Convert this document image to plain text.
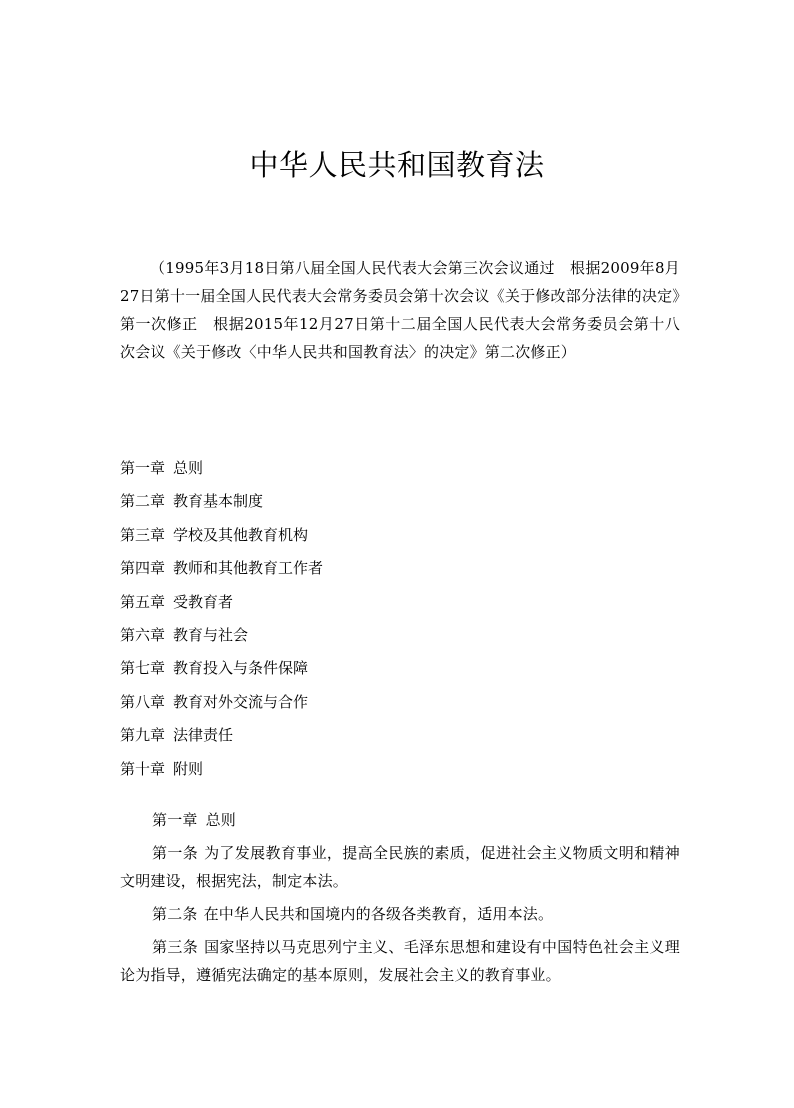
中华人民共和国教育法
（1995年3月18日第八届全国人民代表大会第三次会议通过　根据2009年8月27日第十一届全国人民代表大会常务委员会第十次会议《关于修改部分法律的决定》第一次修正　根据2015年12月27日第十二届全国人民代表大会常务委员会第十八次会议《关于修改〈中华人民共和国教育法〉的决定》第二次修正）
第一章 总则
第二章 教育基本制度
第三章 学校及其他教育机构
第四章 教师和其他教育工作者
第五章 受教育者
第六章 教育与社会
第七章 教育投入与条件保障
第八章 教育对外交流与合作
第九章 法律责任
第十章 附则

第一章 总则

第一条 为了发展教育事业，提高全民族的素质，促进社会主义物质文明和精神文明建设，根据宪法，制定本法。

第二条 在中华人民共和国境内的各级各类教育，适用本法。

第三条 国家坚持以马克思列宁主义、毛泽东思想和建设有中国特色社会主义理论为指导，遵循宪法确定的基本原则，发展社会主义的教育事业。
